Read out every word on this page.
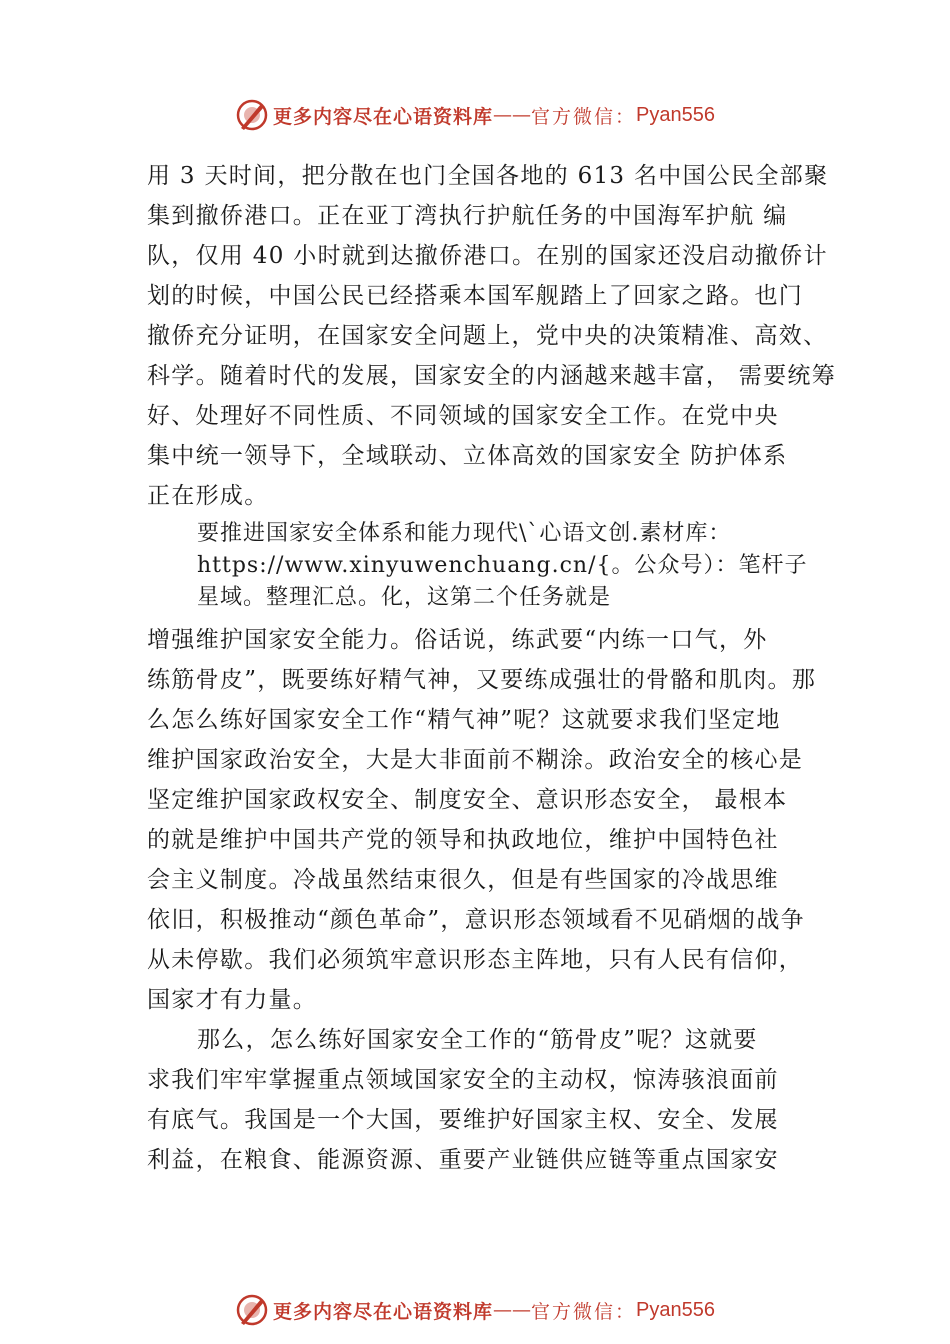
更多内容尽在心语资料库 —— 官方微信： Pyan556

用 3 天时间，把分散在也门全国各地的 613 名中国公民全部聚

集到撤侨港口。正在亚丁湾执行护航任务的中国海军护航 编

队，仅用 40 小时就到达撤侨港口。在别的国家还没启动撤侨计

划的时候，中国公民已经搭乘本国军舰踏上了回家之路。也门

撤侨充分证明，在国家安全问题上，党中央的决策精准、高效、

科学。随着时代的发展，国家安全的内涵越来越丰富， 需要统筹

好、处理好不同性质、不同领域的国家安全工作。在党中央

集中统一领导下，全域联动、立体高效的国家安全 防护体系

正在形成。

要推进国家安全体系和能力现代\`心语文创.素材库：

https://www.xinyuwenchuang.cn/{。公众号）：笔杆子

星域。整理汇总。化，这第二个任务就是

增强维护国家安全能力。俗话说，练武要“内练一口气，外

练筋骨皮”，既要练好精气神，又要练成强壮的骨骼和肌肉。那

么怎么练好国家安全工作“精气神”呢？这就要求我们坚定地

维护国家政治安全，大是大非面前不糊涂。政治安全的核心是

坚定维护国家政权安全、制度安全、意识形态安全， 最根本

的就是维护中国共产党的领导和执政地位，维护中国特色社

会主义制度。冷战虽然结束很久，但是有些国家的冷战思维

依旧，积极推动“颜色革命”，意识形态领域看不见硝烟的战争

从未停歇。我们必须筑牢意识形态主阵地，只有人民有信仰，

国家才有力量。

那么，怎么练好国家安全工作的“筋骨皮”呢？这就要

求我们牢牢掌握重点领域国家安全的主动权，惊涛骇浪面前

有底气。我国是一个大国，要维护好国家主权、安全、发展

利益，在粮食、能源资源、重要产业链供应链等重点国家安

更多内容尽在心语资料库 —— 官方微信： Pyan556
